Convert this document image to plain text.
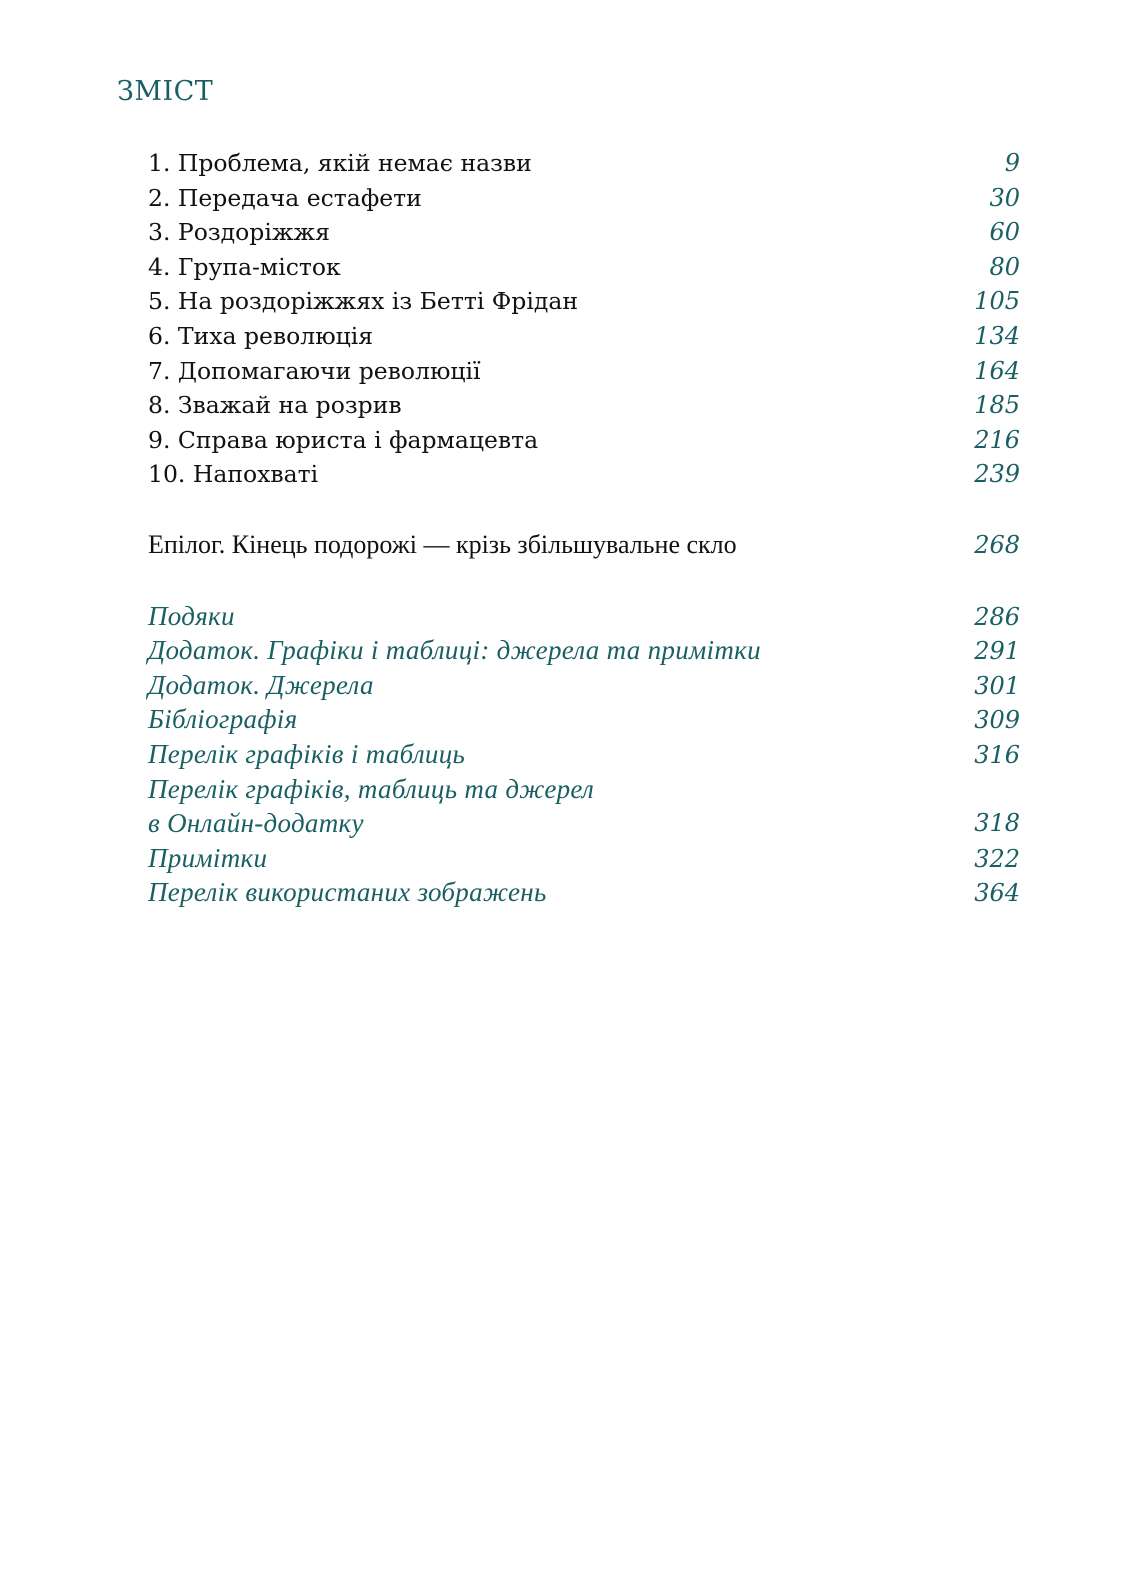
ЗМІСТ
1. Проблема, якій немає назви	9
2. Передача естафети	30
3. Роздоріжжя	60
4. Група-місток	80
5. На роздоріжжях із Бетті Фрідан	105
6. Тиха революція	134
7. Допомагаючи революції	164
8. Зважай на розрив	185
9. Справа юриста і фармацевта	216
10. Напохваті	239
Епілог. Кінець подорожі — крізь збільшувальне скло	268
Подяки	286
Додаток. Графіки і таблиці: джерела та примітки	291
Додаток. Джерела	301
Бібліографія	309
Перелік графіків і таблиць	316
Перелік графіків, таблиць та джерел
в Онлайн-додатку	318
Примітки	322
Перелік використаних зображень	364
